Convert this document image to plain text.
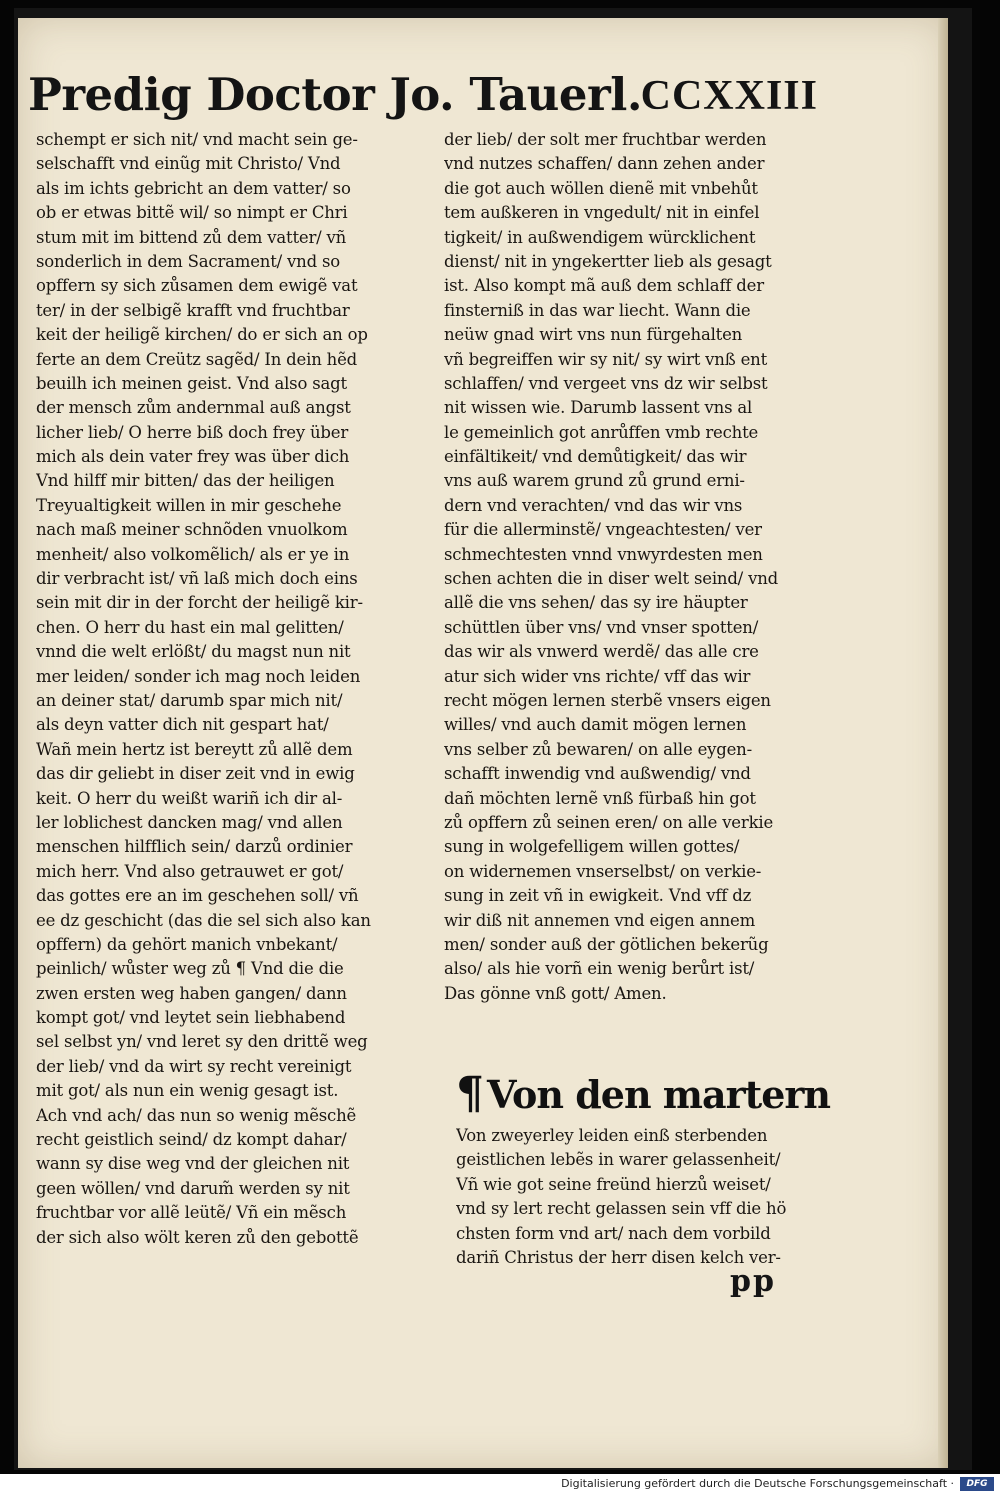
Predig Doctor Jo. Tauerl.
CCXXIII
schempt er sich nit/ vnd macht sein ge-
selschafft vnd einũg mit Christo/ Vnd
als im ichts gebricht an dem vatter/ so
ob er etwas bittẽ wil/ so nimpt er Chri
stum mit im bittend zů dem vatter/ vñ
sonderlich in dem Sacrament/ vnd so
opffern sy sich zůsamen dem ewigẽ vat
ter/ in der selbigẽ krafft vnd fruchtbar
keit der heiligẽ kirchen/ do er sich an op
ferte an dem Creütz sagẽd/ In dein hẽd
beuilh ich meinen geist. Vnd also sagt
der mensch zům andernmal auß angst
licher lieb/ O herre biß doch frey über
mich als dein vater frey was über dich
Vnd hilff mir bitten/ das der heiligen
Treyualtigkeit willen in mir geschehe
nach maß meiner schnõden vnuolkom
menheit/ also volkomẽlich/ als er ye in
dir verbracht ist/ vñ laß mich doch eins
sein mit dir in der forcht der heiligẽ kir-
chen. O herr du hast ein mal gelitten/
vnnd die welt erlößt/ du magst nun nit
mer leiden/ sonder ich mag noch leiden
an deiner stat/ darumb spar mich nit/
als deyn vatter dich nit gespart hat/
Wañ mein hertz ist bereytt zů allẽ dem
das dir geliebt in diser zeit vnd in ewig
keit. O herr du weißt wariñ ich dir al-
ler loblichest dancken mag/ vnd allen
menschen hilfflich sein/ darzů ordinier
mich herr. Vnd also getrauwet er got/
das gottes ere an im geschehen soll/ vñ
ee dz geschicht (das die sel sich also kan
opffern) da gehört manich vnbekant/
peinlich/ wůster weg zů ¶ Vnd die die
zwen ersten weg haben gangen/ dann
kompt got/ vnd leytet sein liebhabend
sel selbst yn/ vnd leret sy den drittẽ weg
der lieb/ vnd da wirt sy recht vereinigt
mit got/ als nun ein wenig gesagt ist.
Ach vnd ach/ das nun so wenig mẽschẽ
recht geistlich seind/ dz kompt dahar/
wann sy dise weg vnd der gleichen nit
geen wöllen/ vnd darum̃ werden sy nit
fruchtbar vor allẽ leütẽ/ Vñ ein mẽsch
der sich also wölt keren zů den gebottẽ
der lieb/ der solt mer fruchtbar werden
vnd nutzes schaffen/ dann zehen ander
die got auch wöllen dienẽ mit vnbehůt
tem außkeren in vngedult/ nit in einfel
tigkeit/ in außwendigem würcklichent
dienst/ nit in yngekertter lieb als gesagt
ist. Also kompt mã auß dem schlaff der
finsterniß in das war liecht. Wann die
neüw gnad wirt vns nun fürgehalten
vñ begreiffen wir sy nit/ sy wirt vnß ent
schlaffen/ vnd vergeet vns dz wir selbst
nit wissen wie. Darumb lassent vns al
le gemeinlich got anrůffen vmb rechte
einfältikeit/ vnd demůtigkeit/ das wir
vns auß warem grund zů grund erni-
dern vnd verachten/ vnd das wir vns
für die allerminstẽ/ vngeachtesten/ ver
schmechtesten vnnd vnwyrdesten men
schen achten die in diser welt seind/ vnd
allẽ die vns sehen/ das sy ire häupter
schüttlen über vns/ vnd vnser spotten/
das wir als vnwerd werdẽ/ das alle cre
atur sich wider vns richte/ vff das wir
recht mögen lernen sterbẽ vnsers eigen
willes/ vnd auch damit mögen lernen
vns selber zů bewaren/ on alle eygen-
schafft inwendig vnd außwendig/ vnd
dañ möchten lernẽ vnß fürbaß hin got
zů opffern zů seinen eren/ on alle verkie
sung in wolgefelligem willen gottes/
on widernemen vnserselbst/ on verkie-
sung in zeit vñ in ewigkeit. Vnd vff dz
wir diß nit annemen vnd eigen annem
men/ sonder auß der götlichen bekerũg
also/ als hie vorñ ein wenig berůrt ist/
Das gönne vnß gott/ Amen.
¶ Von den martern
Von zweyerley leiden einß sterbenden
geistlichen lebẽs in warer gelassenheit/
Vñ wie got seine freünd hierzů weiset/
vnd sy lert recht gelassen sein vff die hö
chsten form vnd art/ nach dem vorbild
dariñ Christus der herr disen kelch ver-
pp
Digitalisierung gefördert durch die Deutsche Forschungsgemeinschaft ·	DFG
